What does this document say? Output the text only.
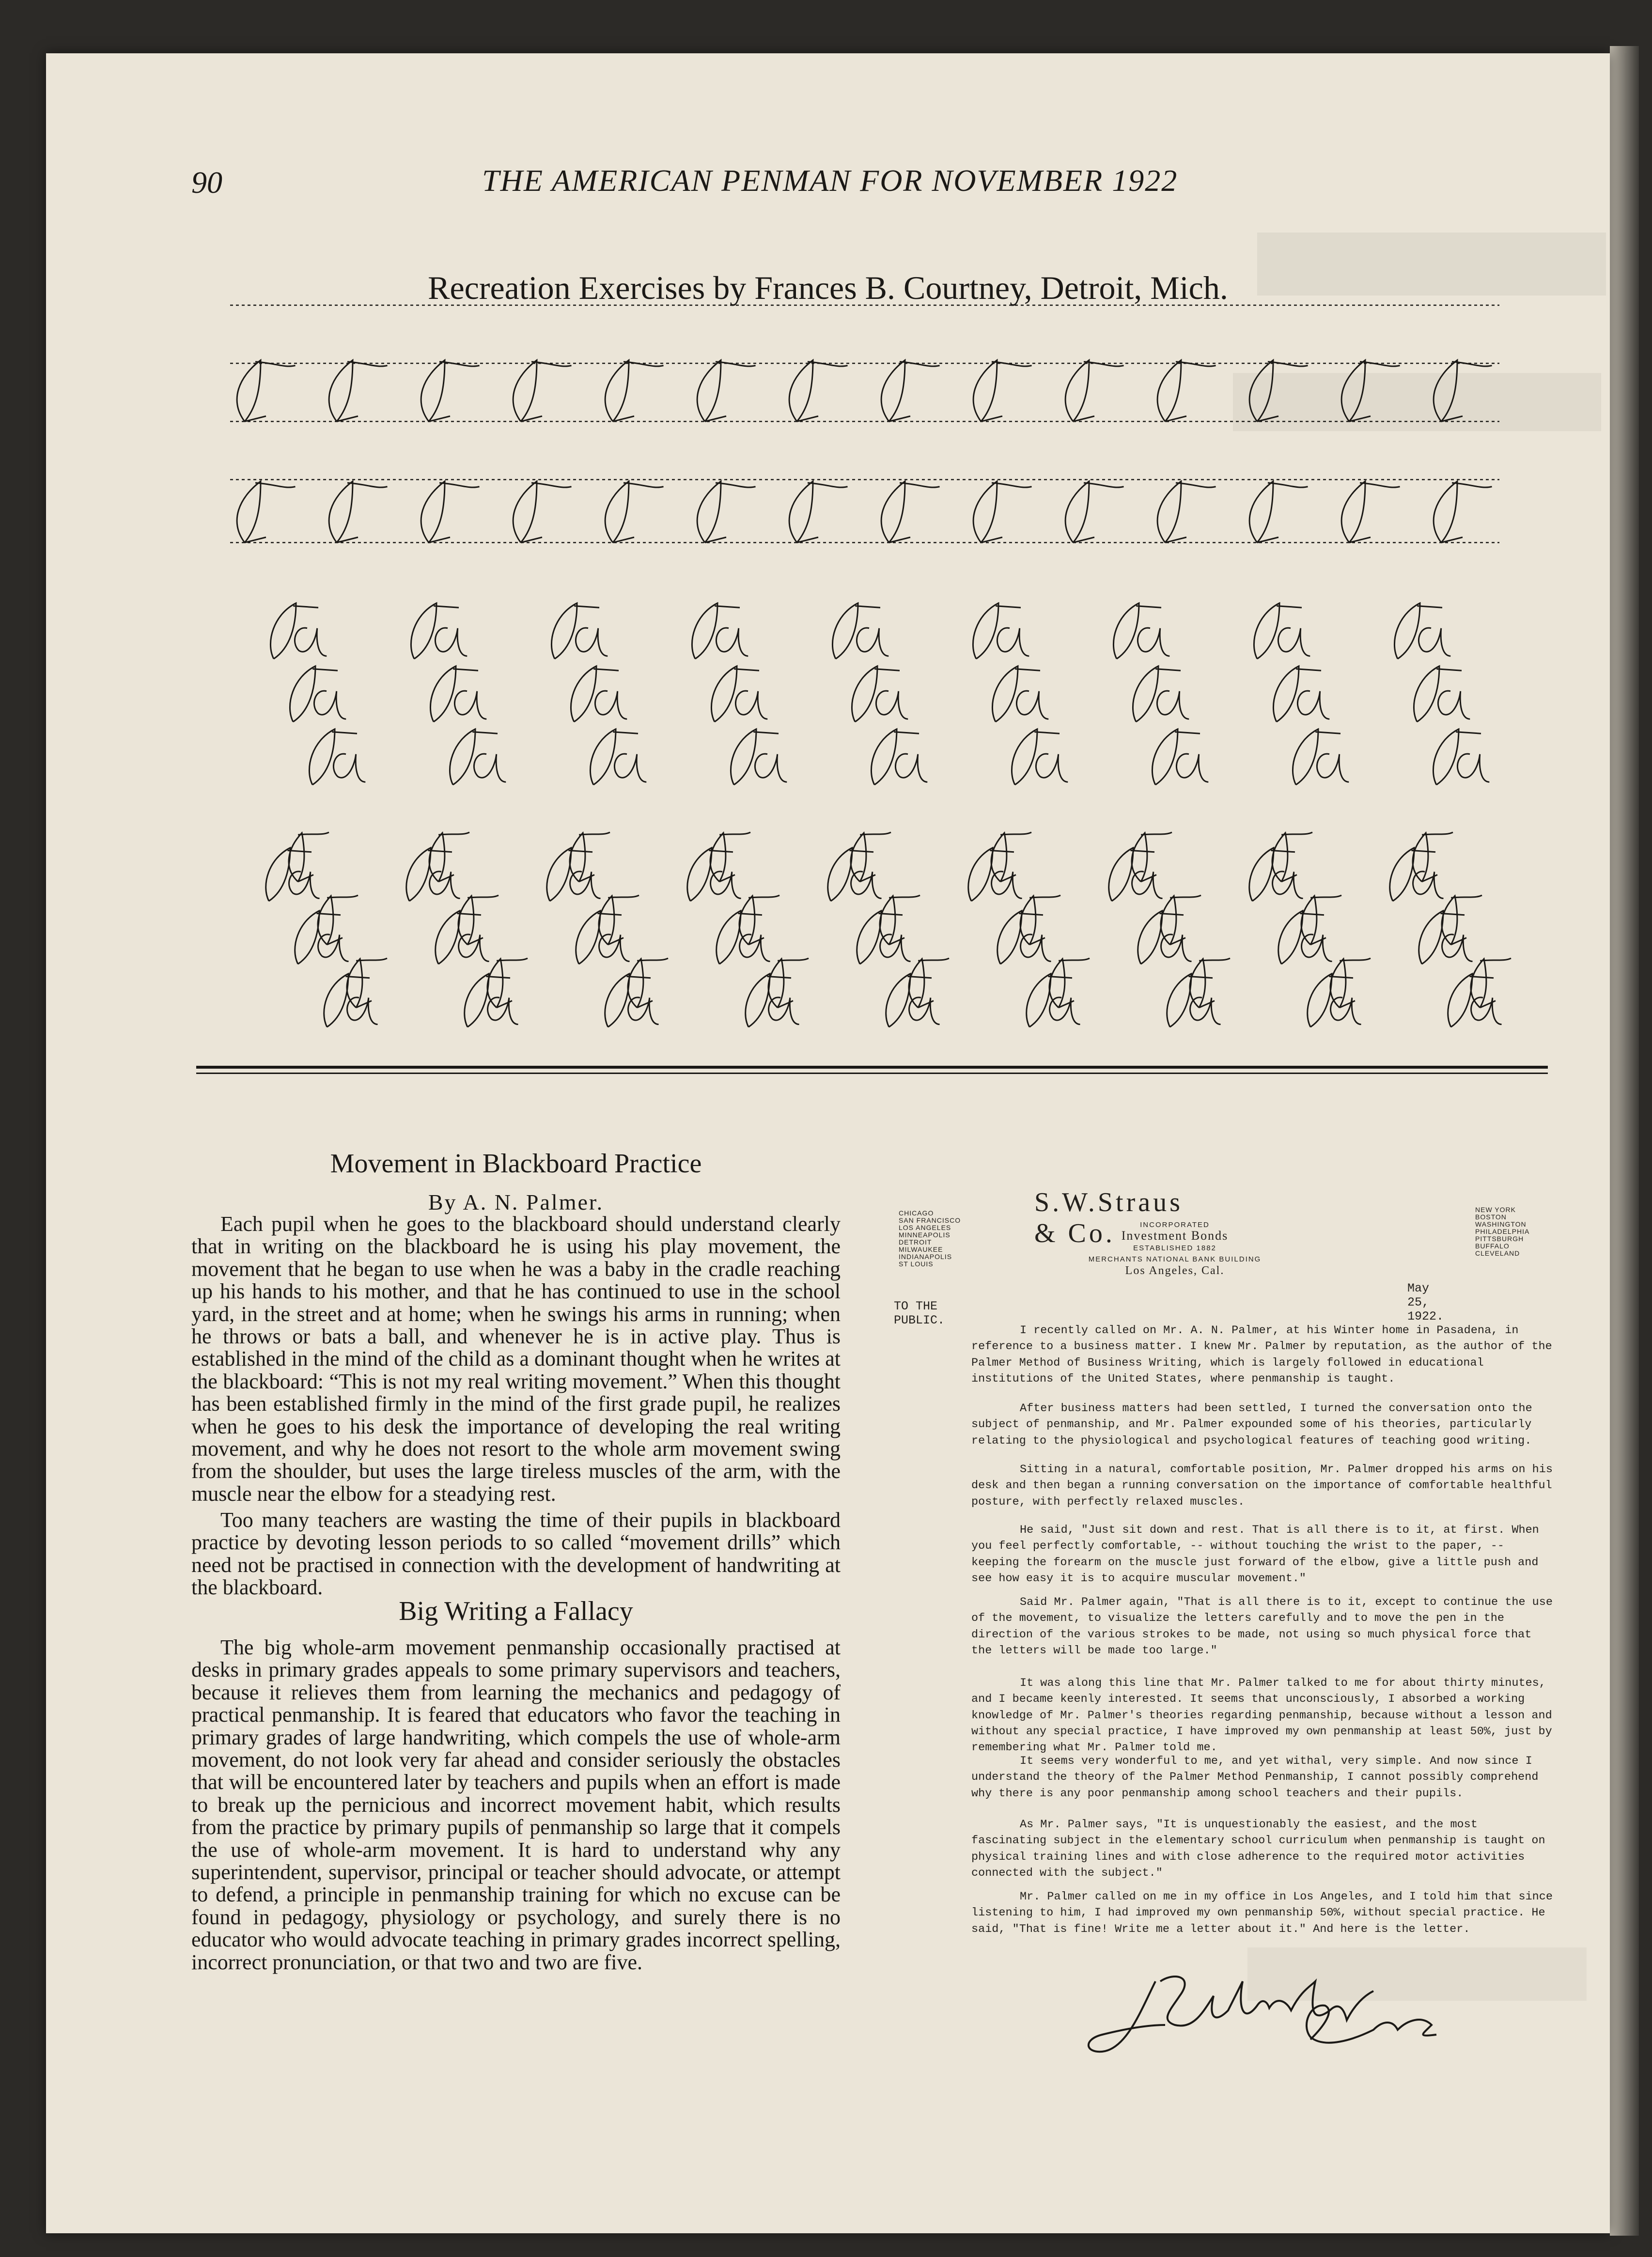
90	THE AMERICAN PENMAN FOR NOVEMBER 1922
Recreation Exercises by Frances B. Courtney, Detroit, Mich.
Movement in Blackboard Practice
By A. N. Palmer.

Each pupil when he goes to the blackboard should understand clearly that in writing on the blackboard he is using his play movement, the movement that he began to use when he was a baby in the cradle reaching up his hands to his mother, and that he has continued to use in the school yard, in the street and at home; when he swings his arms in running; when he throws or bats a ball, and whenever he is in active play. Thus is established in the mind of the child as a dominant thought when he writes at the blackboard: “This is not my real writing movement.” When this thought has been established firmly in the mind of the first grade pupil, he realizes when he goes to his desk the importance of developing the real writing movement, and why he does not resort to the whole arm movement swing from the shoulder, but uses the large tireless muscles of the arm, with the muscle near the elbow for a steadying rest.

Too many teachers are wasting the time of their pupils in blackboard practice by devoting lesson periods to so called “movement drills” which need not be practised in connection with the development of handwriting at the blackboard.

Big Writing a Fallacy

The big whole-arm movement penmanship occasionally practised at desks in primary grades appeals to some primary supervisors and teachers, because it relieves them from learning the mechanics and pedagogy of practical penmanship. It is feared that educators who favor the teaching in primary grades of large handwriting, which compels the use of whole-arm movement, do not look very far ahead and consider seriously the obstacles that will be encountered later by teachers and pupils when an effort is made to break up the pernicious and incorrect movement habit, which results from the practice by primary pupils of penmanship so large that it compels the use of whole-arm movement. It is hard to understand why any superintendent, supervisor, principal or teacher should advocate, or attempt to defend, a principle in penmanship training for which no excuse can be found in pedagogy, physiology or psychology, and surely there is no educator who would advocate teaching in primary grades incorrect spelling, incorrect pronunciation, or that two and two are five.

CHICAGO
SAN FRANCISCO
LOS ANGELES
MINNEAPOLIS
DETROIT
MILWAUKEE
INDIANAPOLIS
ST LOUIS
S.W.Straus & Co.	INCORPORATED
Investment Bonds
ESTABLISHED 1882
MERCHANTS NATIONAL BANK BUILDING
Los Angeles, Cal.
NEW YORK
BOSTON
WASHINGTON
PHILADELPHIA
PITTSBURGH
BUFFALO
CLEVELAND
May 25, 1922.
TO THE PUBLIC.

I recently called on Mr. A. N. Palmer, at his Winter home in Pasadena, in reference to a business matter. I knew Mr. Palmer by reputation, as the author of the Palmer Method of Business Writing, which is largely followed in educational institutions of the United States, where penmanship is taught.

After business matters had been settled, I turned the conversation onto the subject of penmanship, and Mr. Palmer expounded some of his theories, particularly relating to the physiological and psychological features of teaching good writing.

Sitting in a natural, comfortable position, Mr. Palmer dropped his arms on his desk and then began a running conversation on the importance of comfortable healthful posture, with perfectly relaxed muscles.

He said, "Just sit down and rest. That is all there is to it, at first. When you feel perfectly comfortable, -- without touching the wrist to the paper, -- keeping the forearm on the muscle just forward of the elbow, give a little push and see how easy it is to acquire muscular movement."

Said Mr. Palmer again, "That is all there is to it, except to continue the use of the movement, to visualize the letters carefully and to move the pen in the direction of the various strokes to be made, not using so much physical force that the letters will be made too large."

It was along this line that Mr. Palmer talked to me for about thirty minutes, and I became keenly interested. It seems that unconsciously, I absorbed a working knowledge of Mr. Palmer's theories regarding penmanship, because without a lesson and without any special practice, I have improved my own penmanship at least 50%, just by remembering what Mr. Palmer told me.

It seems very wonderful to me, and yet withal, very simple. And now since I understand the theory of the Palmer Method Penmanship, I cannot possibly comprehend why there is any poor penmanship among school teachers and their pupils.

As Mr. Palmer says, "It is unquestionably the easiest, and the most fascinating subject in the elementary school curriculum when penmanship is taught on physical training lines and with close adherence to the required motor activities connected with the subject."

Mr. Palmer called on me in my office in Los Angeles, and I told him that since listening to him, I had improved my own penmanship 50%, without special practice. He said, "That is fine! Write me a letter about it." And here is the letter.
